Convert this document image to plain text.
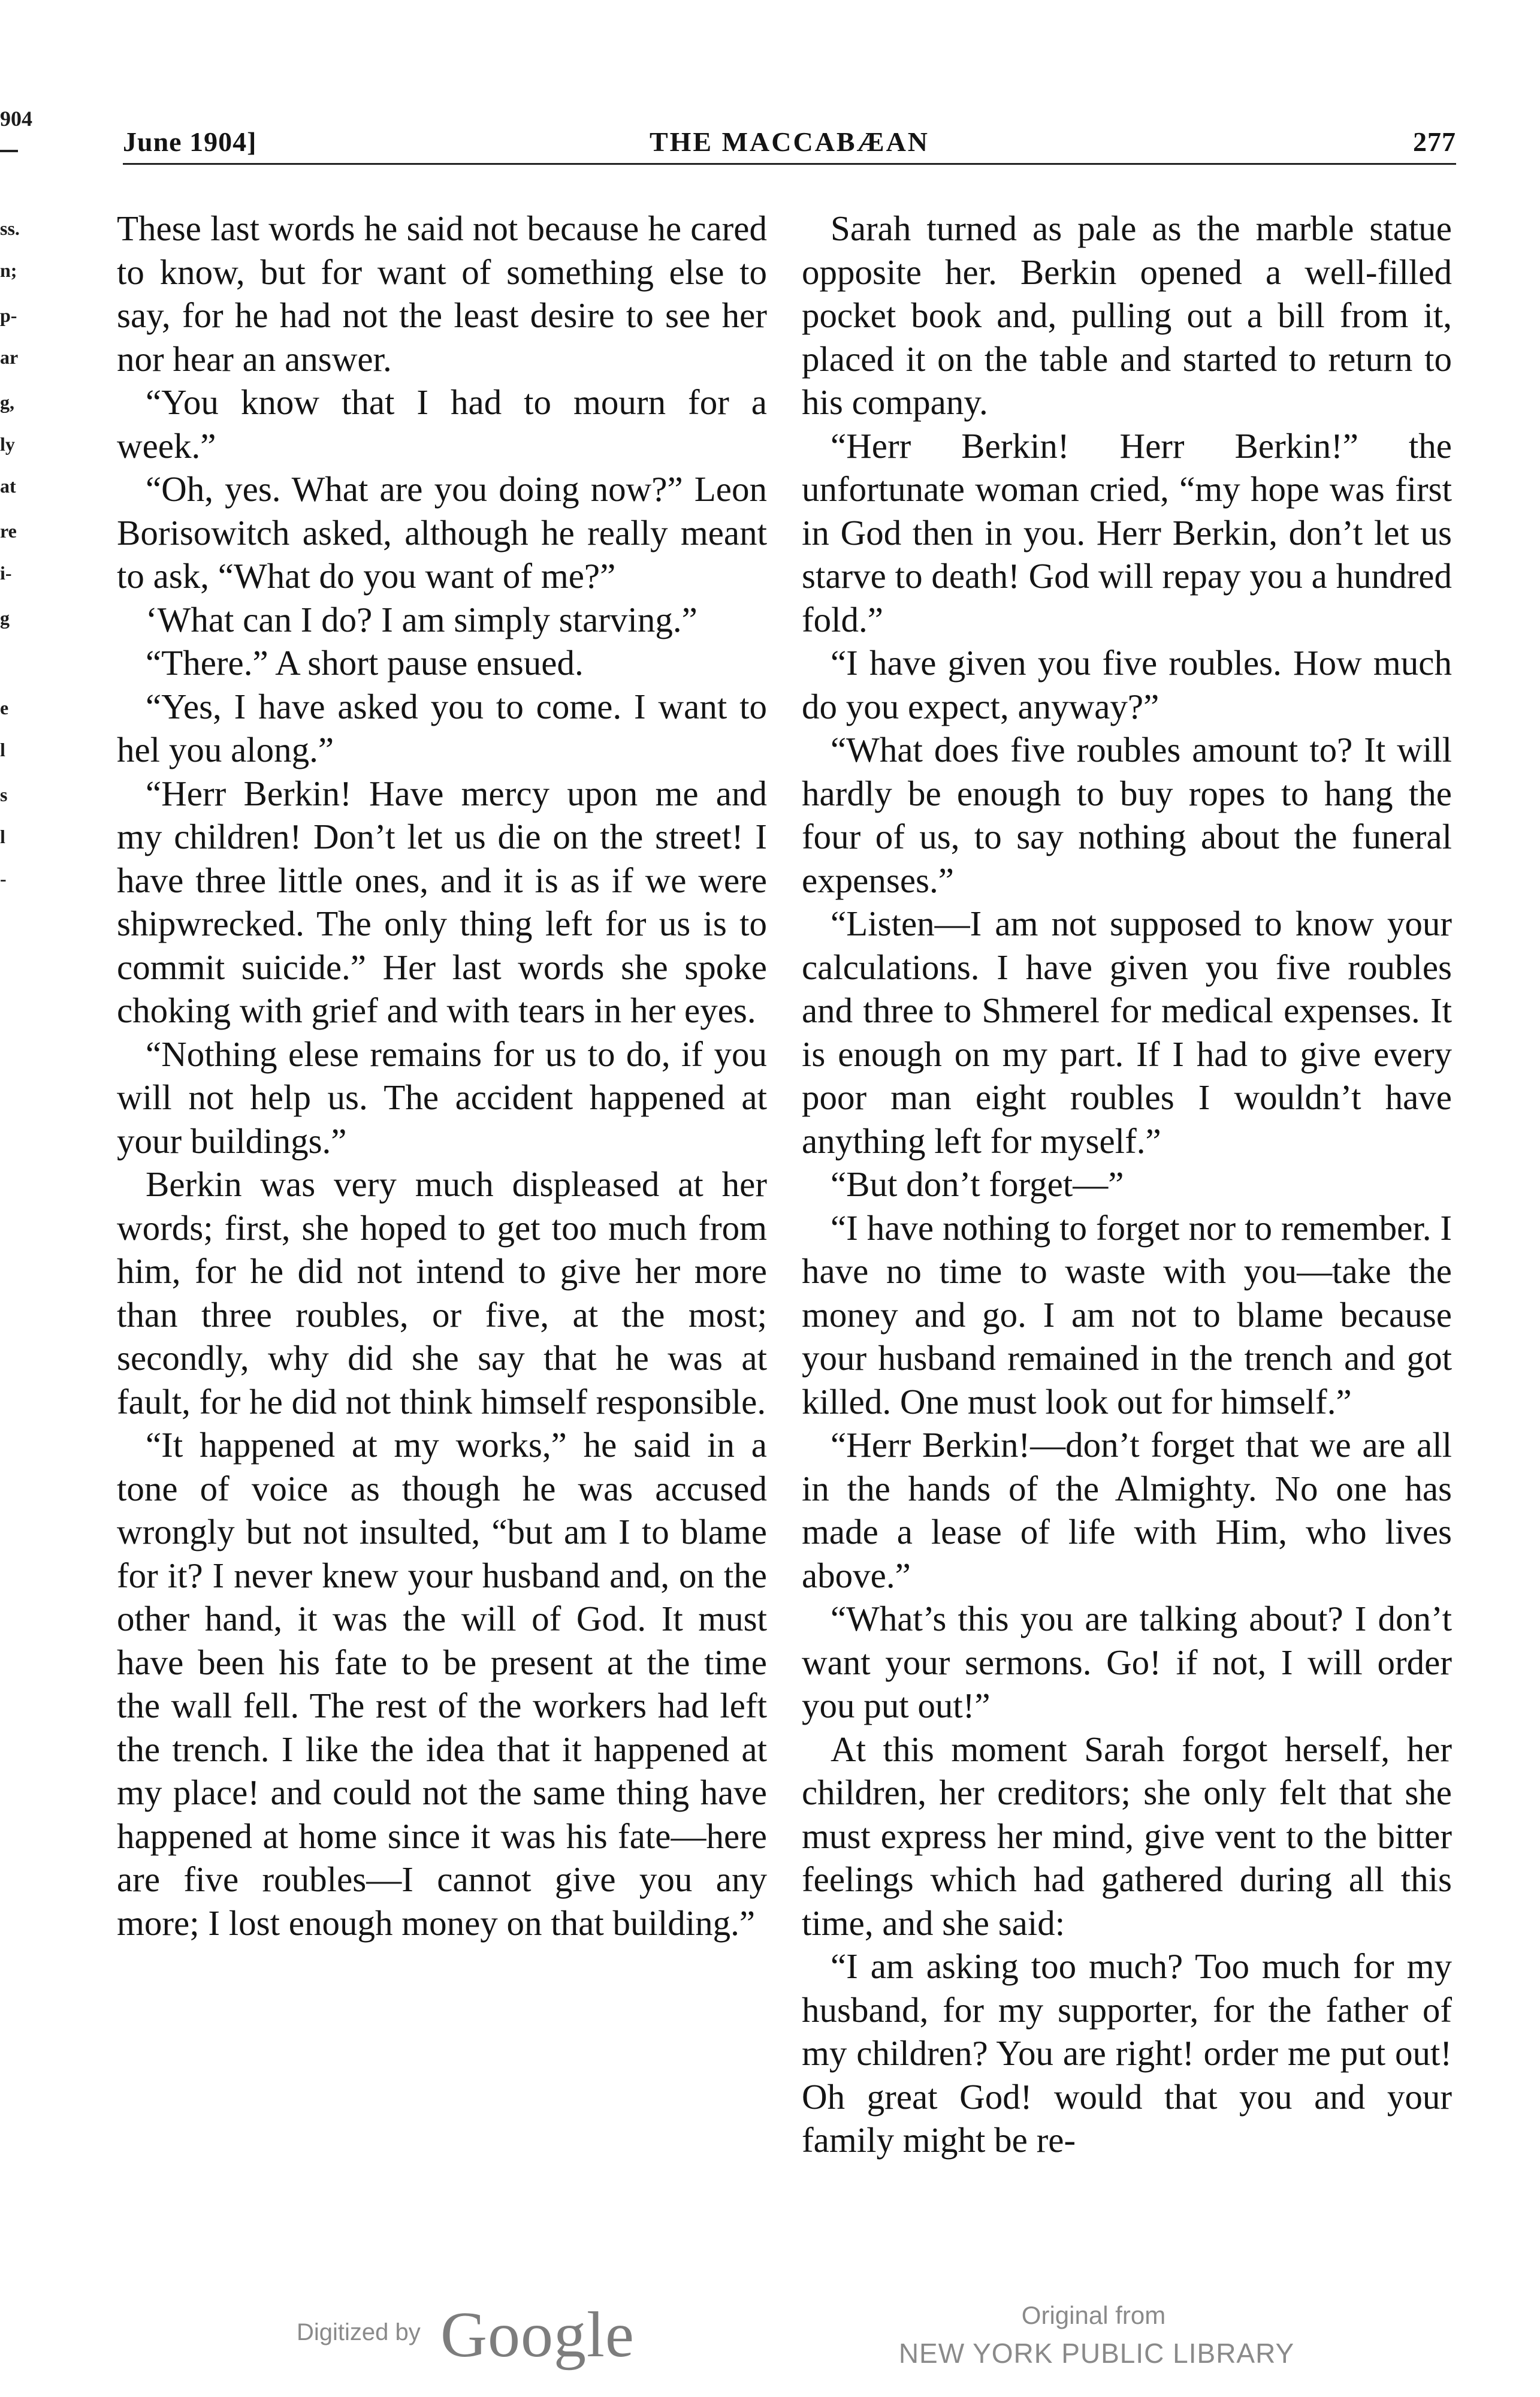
904
ss.
n;
p-
ar
g,
ly
at
re
i-
g
e
l
s
l
-
June 1904]	THE MACCABÆAN	277

These last words he said not because he cared to know, but for want of something else to say, for he had not the least desire to see her nor hear an answer.

“You know that I had to mourn for a week.”

“Oh, yes. What are you doing now?” Leon Borisowitch asked, although he really meant to ask, “What do you want of me?”

‘What can I do? I am simply starving.”

“There.” A short pause ensued.

“Yes, I have asked you to come. I want to hel you along.”

“Herr Berkin! Have mercy upon me and my children! Don’t let us die on the street! I have three little ones, and it is as if we were shipwrecked. The only thing left for us is to commit suicide.” Her last words she spoke choking with grief and with tears in her eyes.

“Nothing elese remains for us to do, if you will not help us. The accident happened at your buildings.”

Berkin was very much displeased at her words; first, she hoped to get too much from him, for he did not intend to give her more than three roubles, or five, at the most; secondly, why did she say that he was at fault, for he did not think himself responsible.

“It happened at my works,” he said in a tone of voice as though he was accused wrongly but not insulted, “but am I to blame for it? I never knew your husband and, on the other hand, it was the will of God. It must have been his fate to be present at the time the wall fell. The rest of the workers had left the trench. I like the idea that it happened at my place! and could not the same thing have happened at home since it was his fate—here are five roubles—I cannot give you any more; I lost enough money on that building.”

Sarah turned as pale as the marble statue opposite her. Berkin opened a well-filled pocket book and, pulling out a bill from it, placed it on the table and started to return to his company.

“Herr Berkin! Herr Berkin!” the unfortunate woman cried, “my hope was first in God then in you. Herr Berkin, don’t let us starve to death! God will repay you a hundred fold.”

“I have given you five roubles. How much do you expect, anyway?”

“What does five roubles amount to? It will hardly be enough to buy ropes to hang the four of us, to say nothing about the funeral expenses.”

“Listen—I am not supposed to know your calculations. I have given you five roubles and three to Shmerel for medical expenses. It is enough on my part. If I had to give every poor man eight roubles I wouldn’t have anything left for myself.”

“But don’t forget—”

“I have nothing to forget nor to remember. I have no time to waste with you—take the money and go. I am not to blame because your husband remained in the trench and got killed. One must look out for himself.”

“Herr Berkin!—don’t forget that we are all in the hands of the Almighty. No one has made a lease of life with Him, who lives above.”

“What’s this you are talking about? I don’t want your sermons. Go! if not, I will order you put out!”

At this moment Sarah forgot herself, her children, her creditors; she only felt that she must express her mind, give vent to the bitter feelings which had gathered during all this time, and she said:

“I am asking too much? Too much for my husband, for my supporter, for the father of my children? You are right! order me put out! Oh great God! would that you and your family might be re-

Digitized by Google	Original from
NEW YORK PUBLIC LIBRARY
